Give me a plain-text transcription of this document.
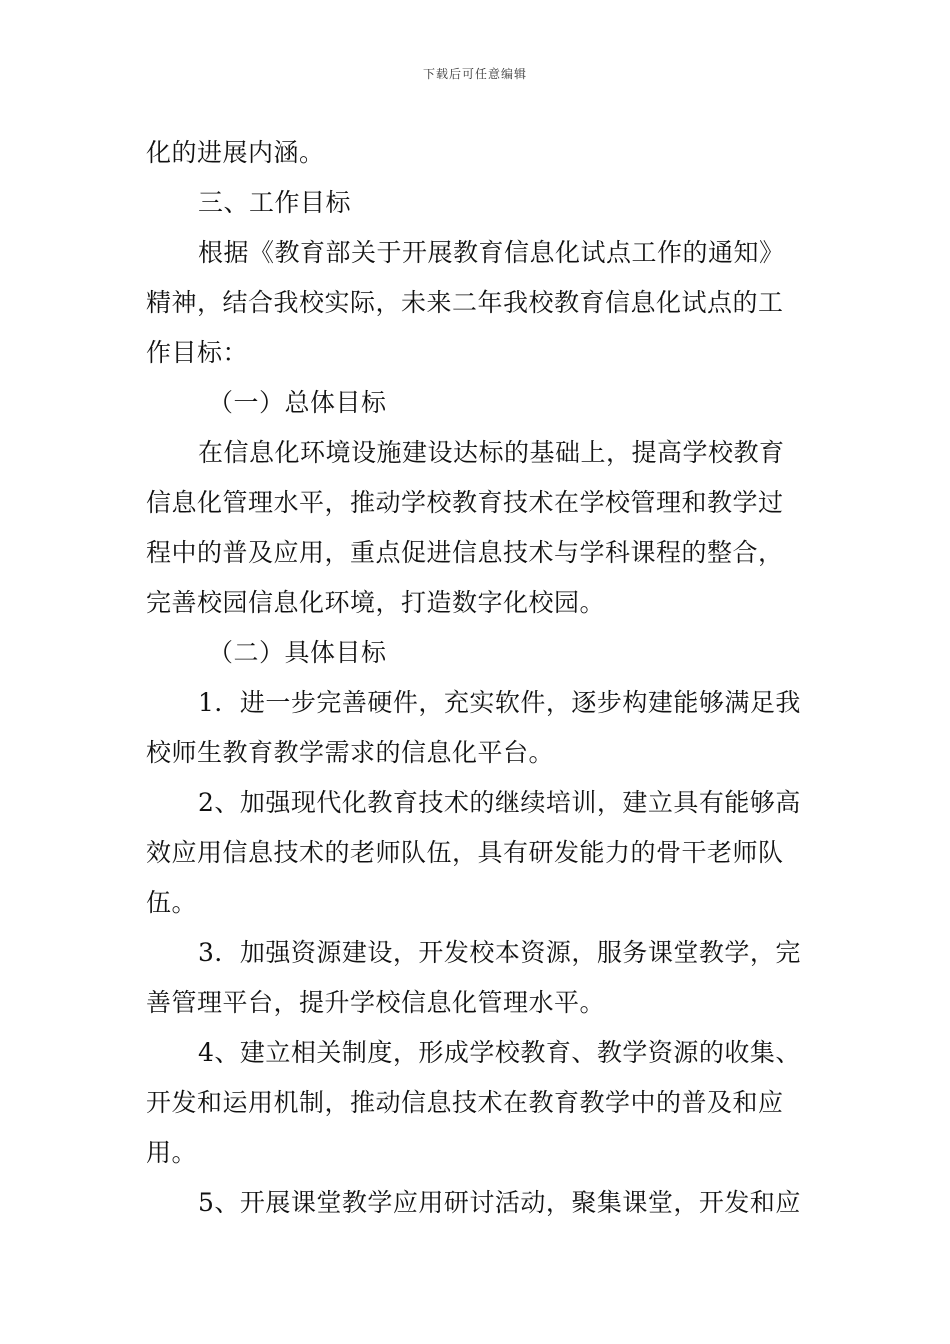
下载后可任意编辑
化的进展内涵。
三、工作目标
根据《教育部关于开展教育信息化试点工作的通知》
精神，结合我校实际，未来二年我校教育信息化试点的工
作目标：
（一）总体目标
在信息化环境设施建设达标的基础上，提高学校教育
信息化管理水平，推动学校教育技术在学校管理和教学过
程中的普及应用，重点促进信息技术与学科课程的整合，
完善校园信息化环境，打造数字化校园。
（二）具体目标
1．进一步完善硬件，充实软件，逐步构建能够满足我
校师生教育教学需求的信息化平台。
2、加强现代化教育技术的继续培训，建立具有能够高
效应用信息技术的老师队伍，具有研发能力的骨干老师队
伍。
3．加强资源建设，开发校本资源，服务课堂教学，完
善管理平台，提升学校信息化管理水平。
4、建立相关制度，形成学校教育、教学资源的收集、
开发和运用机制，推动信息技术在教育教学中的普及和应
用。
5、开展课堂教学应用研讨活动，聚集课堂，开发和应
